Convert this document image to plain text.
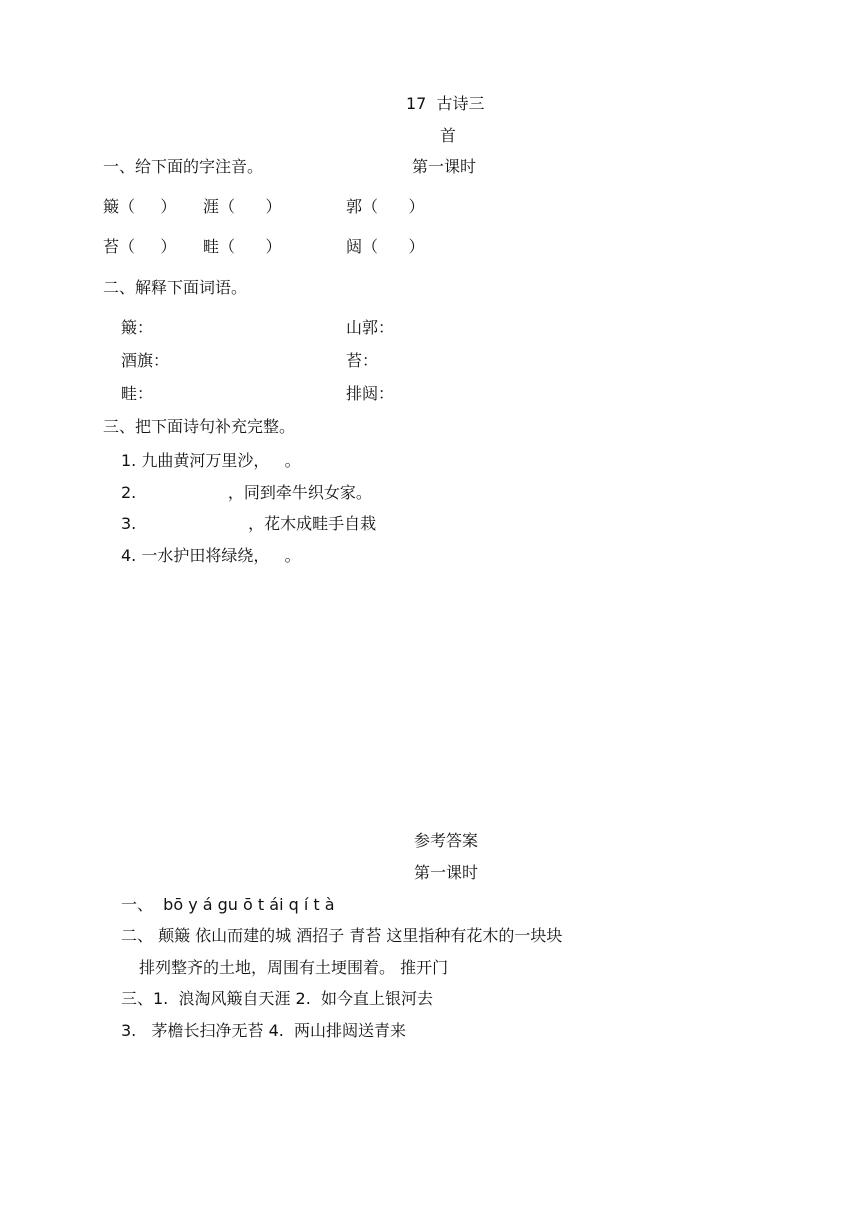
17  古诗三
首
一、给下面的字注音。	第一课时
簸（     ） 涯（      ）	郭（      ）
苔（     ） 畦（      ）	闼（      ）
二、解释下面词语。
簸：	山郭：
酒旗：	苔：
畦：	排闼：
三、把下面诗句补充完整。
1. 九曲黄河万里沙，   。
2.                  ，同到牵牛织女家。
3.                      ，花木成畦手自栽
4. 一水护田将绿绕，   。
参考答案
第一课时
一、  bō y á gu ō t ái q í t à
二、 颠簸 依山而建的城 酒招子 青苔 这里指种有花木的一块块
排列整齐的土地，周围有土埂围着。 推开门
三、1.  浪淘风簸自天涯 2.  如今直上银河去
3.   茅檐长扫净无苔 4.  两山排闼送青来
